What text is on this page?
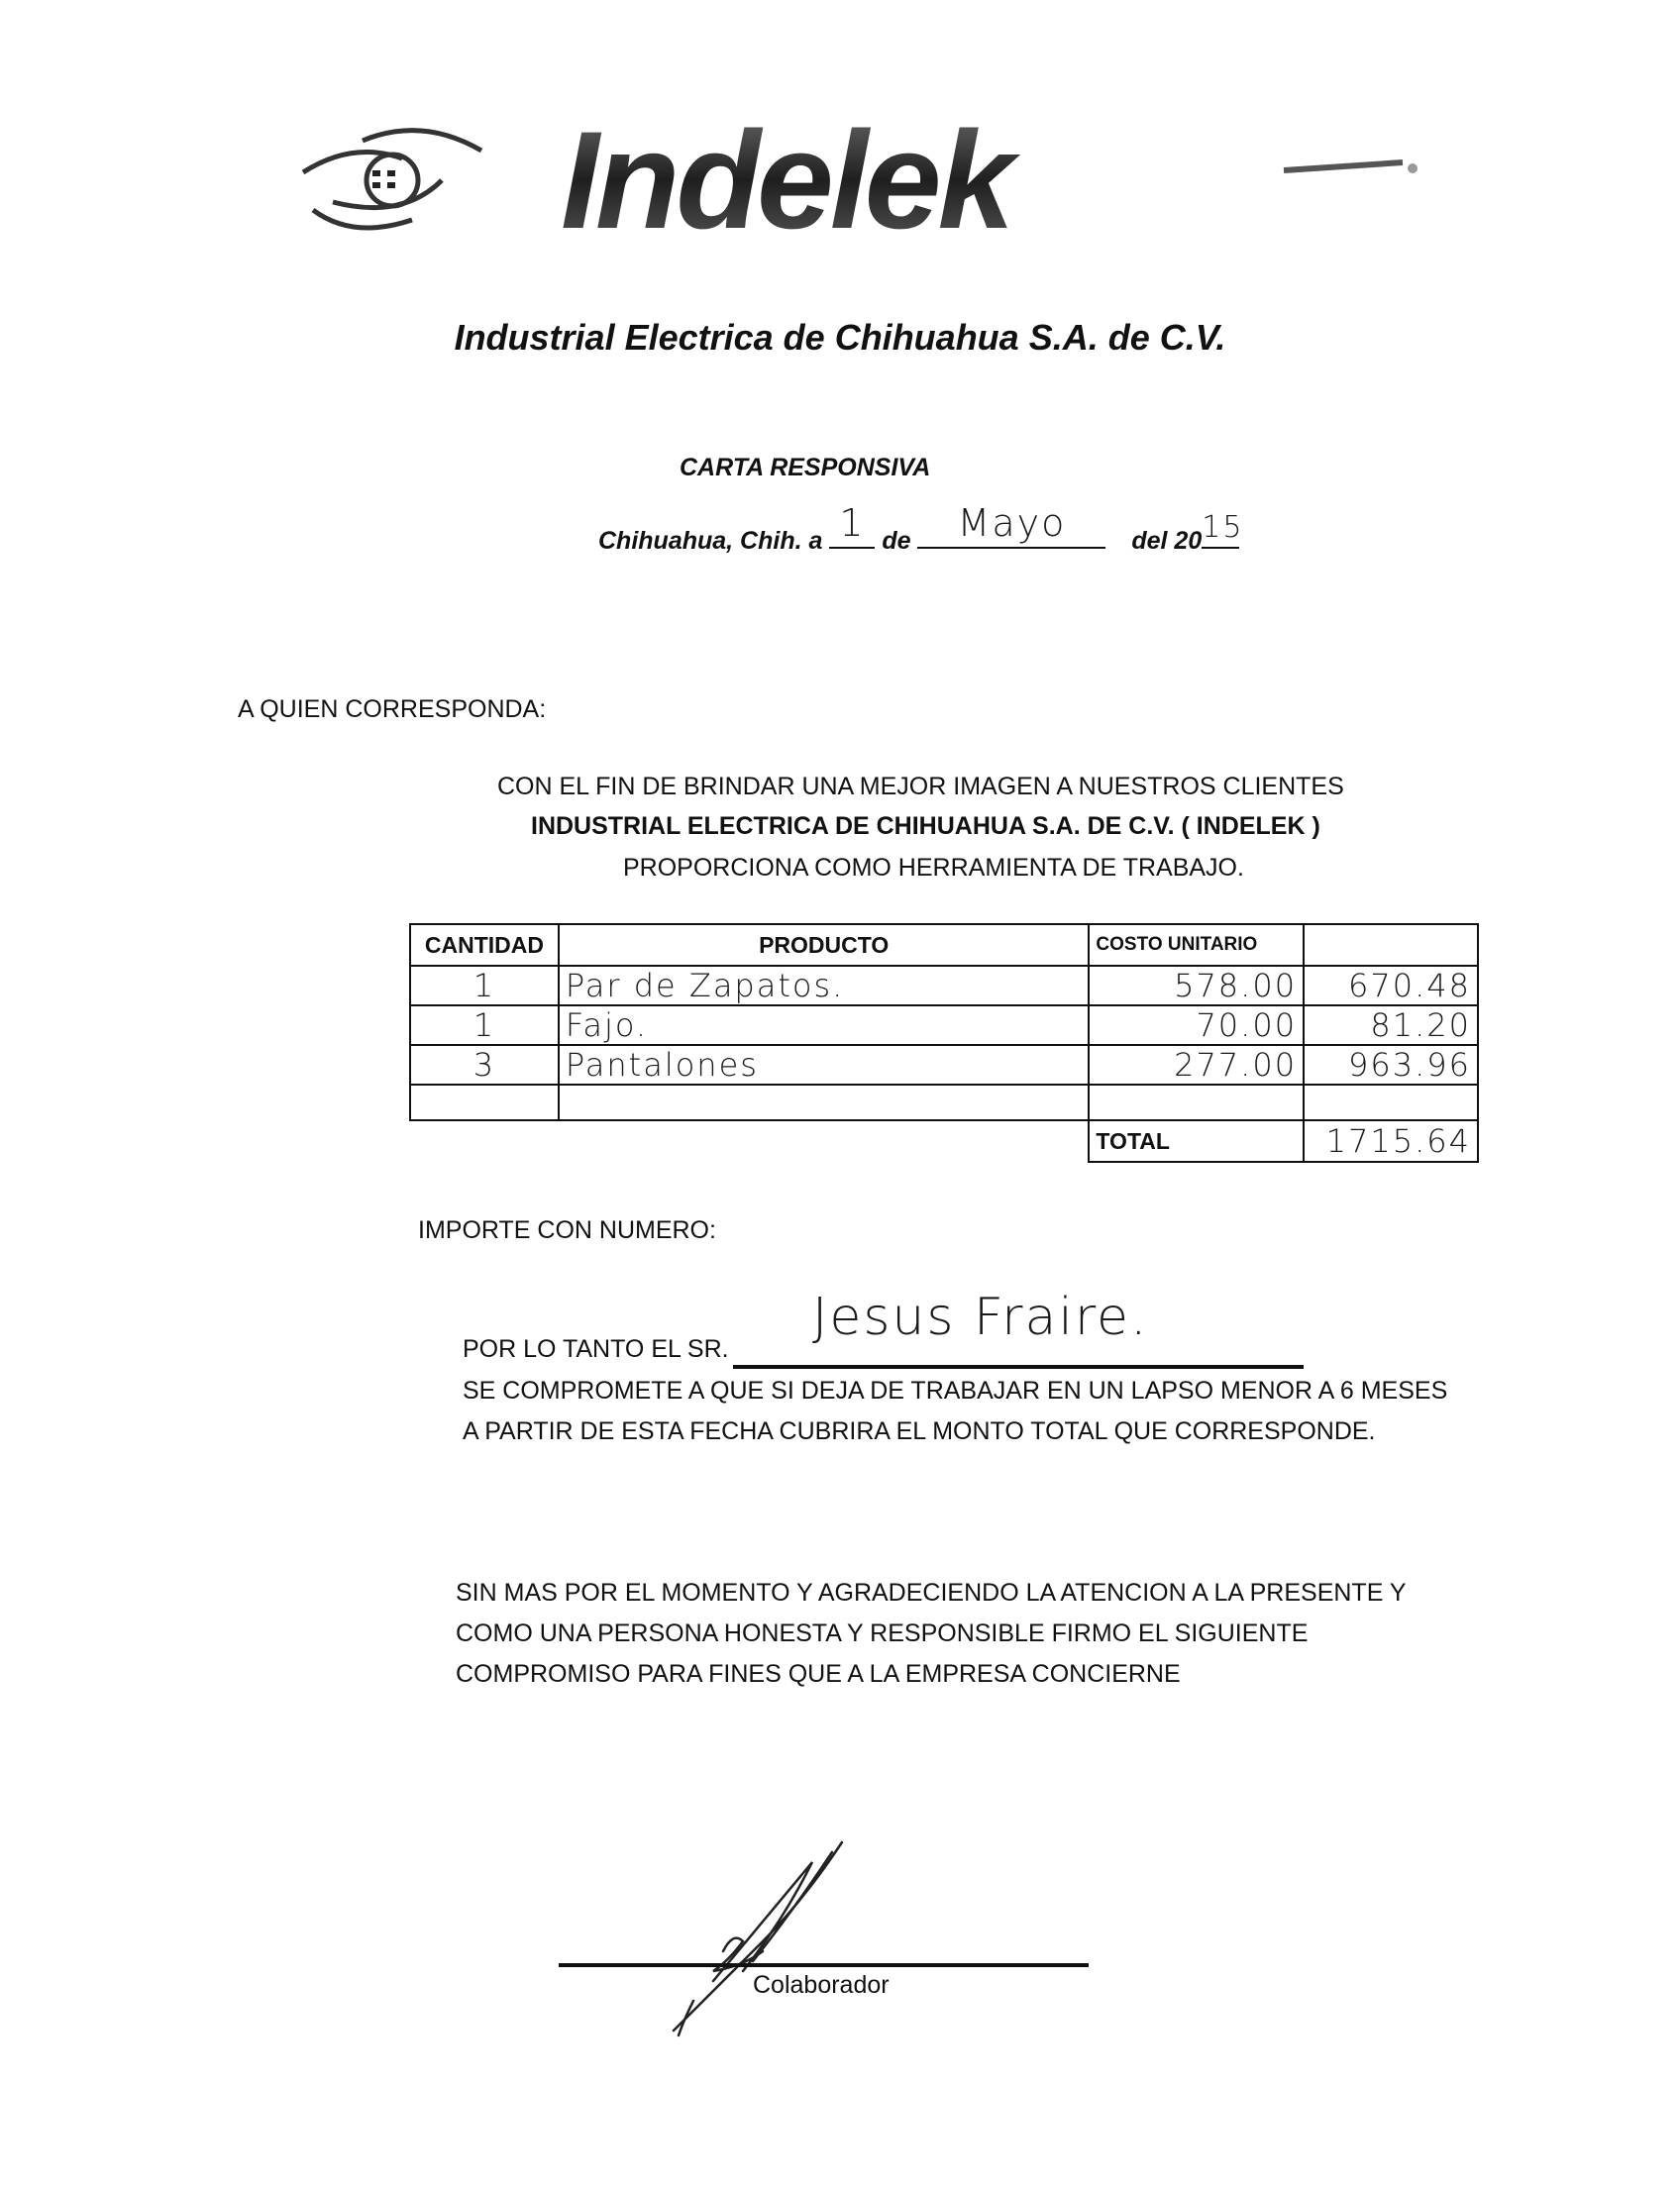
Indelek
Industrial Electrica de Chihuahua S.A. de C.V.
CARTA RESPONSIVA
Chihuahua, Chih. a 1 de	Mayo	del 20 15
A QUIEN CORRESPONDA:
CON EL FIN DE BRINDAR UNA MEJOR IMAGEN A NUESTROS CLIENTES
INDUSTRIAL ELECTRICA DE CHIHUAHUA S.A. DE C.V. ( INDELEK )
PROPORCIONA COMO HERRAMIENTA DE TRABAJO.
CANTIDAD	PRODUCTO	COSTO UNITARIO	
1	Par de Zapatos.	578.00	670.48
1	Fajo.	70.00	81.20
3	Pantalones	277.00	963.96

		TOTAL	1715.64
IMPORTE CON NUMERO:
POR LO TANTO EL SR.
Jesus Fraire.
SE COMPROMETE A QUE SI DEJA DE TRABAJAR EN UN LAPSO MENOR A 6 MESES A PARTIR DE ESTA FECHA CUBRIRA EL MONTO TOTAL QUE CORRESPONDE.
SIN MAS POR EL MOMENTO Y AGRADECIENDO LA ATENCION A LA PRESENTE Y COMO UNA PERSONA HONESTA Y RESPONSIBLE FIRMO EL SIGUIENTE COMPROMISO PARA FINES QUE A LA EMPRESA CONCIERNE
Colaborador
